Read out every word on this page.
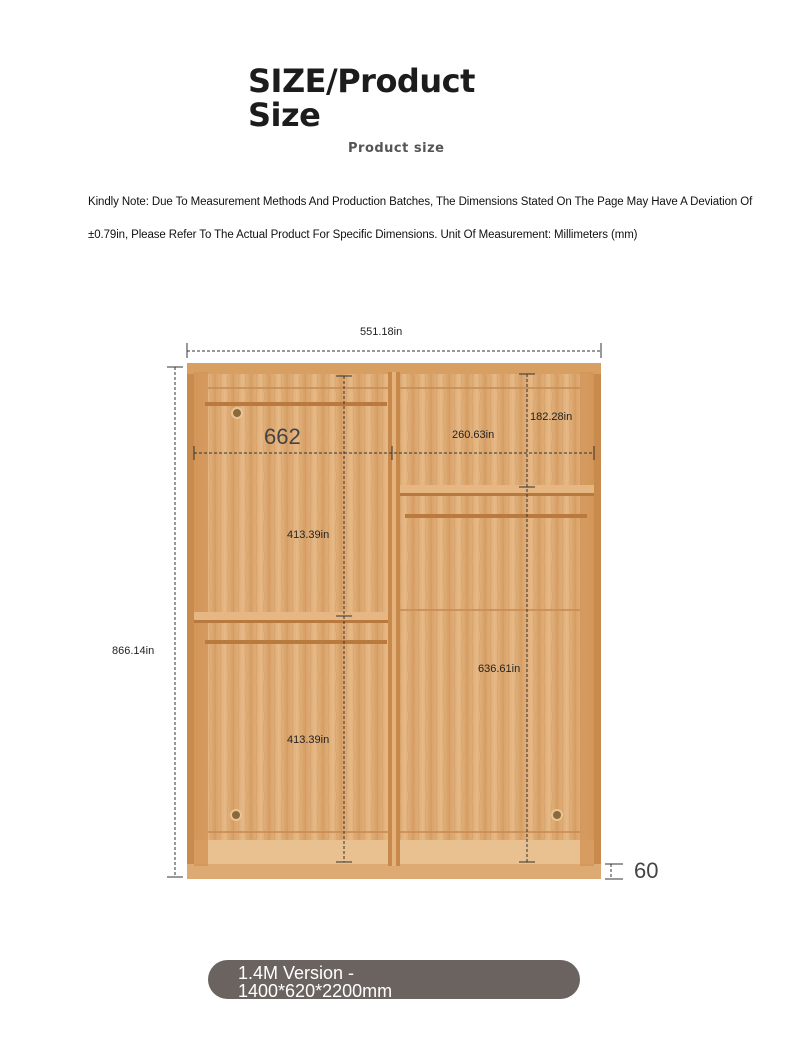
SIZE/Product Size
Product size
Kindly Note: Due To Measurement Methods And Production Batches, The Dimensions Stated On The Page May Have A Deviation Of
±0.79in, Please Refer To The Actual Product For Specific Dimensions. Unit Of Measurement: Millimeters (mm)
551.18in
866.14in
662	260.63in
182.28in
413.39in
413.39in
636.61in
60
1.4M Version - 1400*620*2200mm
